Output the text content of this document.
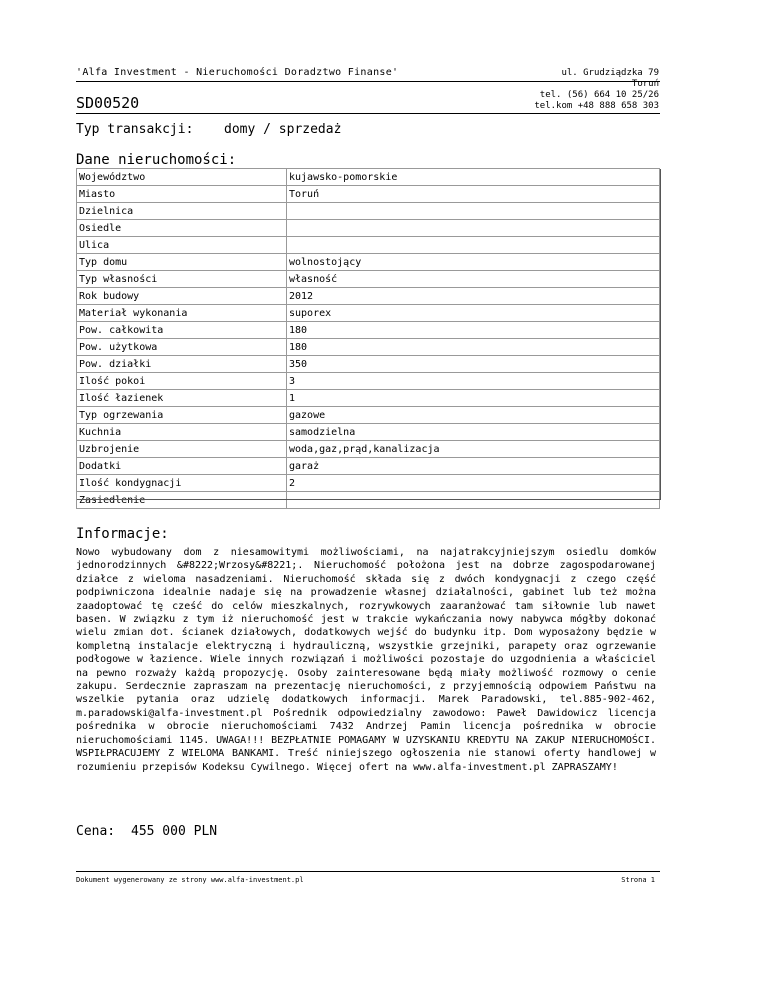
'Alfa Investment - Nieruchomości Doradztwo Finanse'	ul. Grudziądzka 79
Toruń
tel. (56) 664 10 25/26
tel.kom +48 888 658 303
SD00520
Typ transakcji: domy / sprzedaż
Dane nieruchomości:
Województwo	kujawsko-pomorskie
Miasto	Toruń
Dzielnica	
Osiedle	
Ulica	
Typ domu	wolnostojący
Typ własności	własność
Rok budowy	2012
Materiał wykonania	suporex
Pow. całkowita	180
Pow. użytkowa	180
Pow. działki	350
Ilość pokoi	3
Ilość łazienek	1
Typ ogrzewania	gazowe
Kuchnia	samodzielna
Uzbrojenie	woda,gaz,prąd,kanalizacja
Dodatki	garaż
Ilość kondygnacji	2
Zasiedlenie	
Informacje:
Nowo wybudowany dom z niesamowitymi możliwościami, na najatrakcyjniejszym osiedlu domków jednorodzinnych &#8222;Wrzosy&#8221;. Nieruchomość położona jest na dobrze zagospodarowanej działce z wieloma nasadzeniami. Nieruchomość składa się z dwóch kondygnacji z czego część podpiwniczona idealnie nadaje się na prowadzenie własnej działalności, gabinet lub też można zaadoptować tę cześć do celów mieszkalnych, rozrywkowych zaaranżować tam siłownie lub nawet basen. W związku z tym iż nieruchomość jest w trakcie wykańczania nowy nabywca mógłby dokonać wielu zmian dot. ścianek działowych, dodatkowych wejść do budynku itp. Dom wyposażony będzie w kompletną instalacje elektryczną i hydrauliczną, wszystkie grzejniki, parapety oraz ogrzewanie podłogowe w łazience. Wiele innych rozwiązań i możliwości pozostaje do uzgodnienia a właściciel na pewno rozważy każdą propozycję. Osoby zainteresowane będą miały możliwość rozmowy o cenie zakupu. Serdecznie zapraszam na prezentację nieruchomości, z przyjemnością odpowiem Państwu na wszelkie pytania oraz udzielę dodatkowych informacji. Marek Paradowski, tel.885-902-462, m.paradowski@alfa-investment.pl Pośrednik odpowiedzialny zawodowo: Paweł Dawidowicz licencja pośrednika w obrocie nieruchomościami 7432 Andrzej Pamin licencja pośrednika w obrocie nieruchomościami 1145. UWAGA!!! BEZPŁATNIE POMAGAMY W UZYSKANIU KREDYTU NA ZAKUP NIERUCHOMOŚCI. WSPIŁPRACUJEMY Z WIELOMA BANKAMI. Treść niniejszego ogłoszenia nie stanowi oferty handlowej w rozumieniu przepisów Kodeksu Cywilnego. Więcej ofert na www.alfa-investment.pl ZAPRASZAMY!
Cena: 455 000 PLN
Dokument wygenerowany ze strony www.alfa-investment.pl	Strona 1
